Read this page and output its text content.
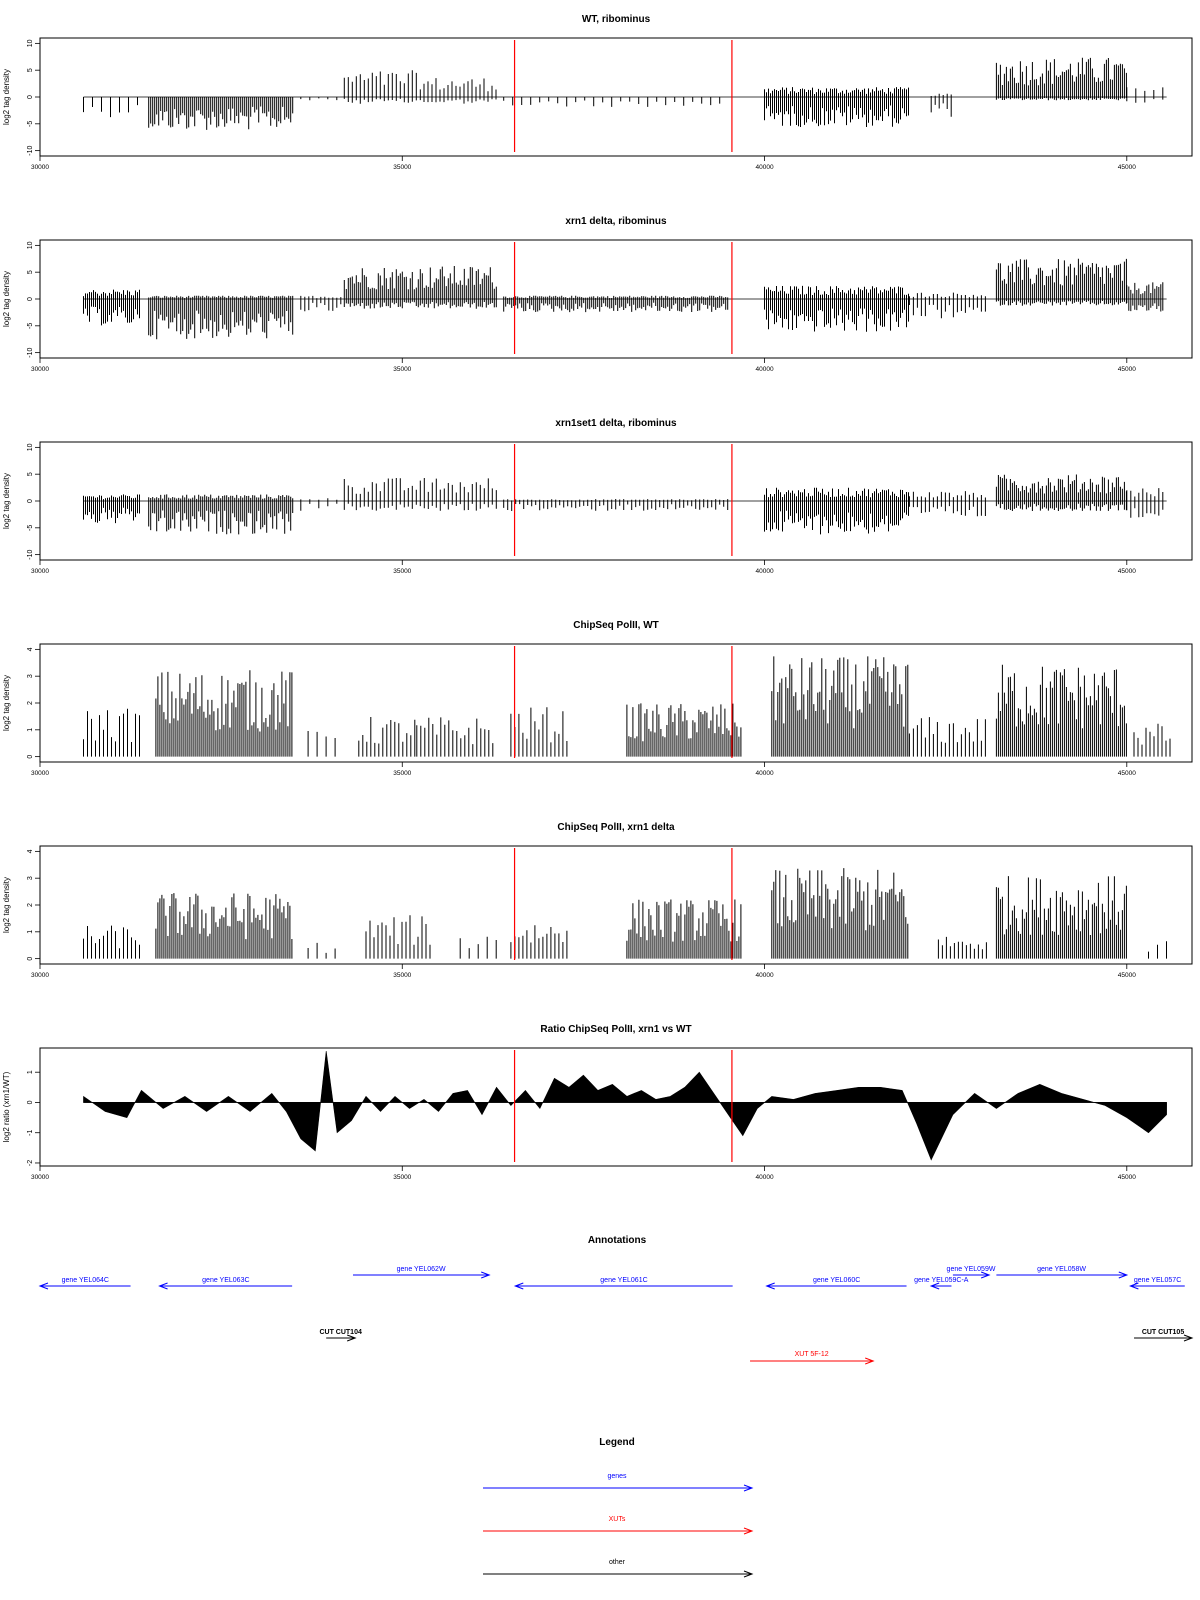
WT, ribominus
log2 tag density
-10
-5
0
5
10
30000	35000	40000	45000
xrn1 delta, ribominus
log2 tag density
-10
-5
0
5
10
30000	35000	40000	45000
xrn1set1 delta, ribominus
log2 tag density
-10
-5
0
5
10
30000	35000	40000	45000
ChipSeq PolII, WT
log2 tag density
0
1
2
3
4
30000	35000	40000	45000
ChipSeq PolII, xrn1 delta
log2 tag density
0
1
2
3
4
30000	35000	40000	45000
Ratio ChipSeq PolII, xrn1 vs WT
log2 ratio (xrn1/WT)
-2
-1
0
1
30000	35000	40000	45000
Annotations
gene YEL064C	gene YEL063C
gene YEL062W
gene YEL061C	gene YEL060C
gene YEL059W
gene YEL059C-A
gene YEL058W
gene YEL057C
CUT CUT104	CUT CUT105
XUT 5F-12
Legend
genes
XUTs
other
